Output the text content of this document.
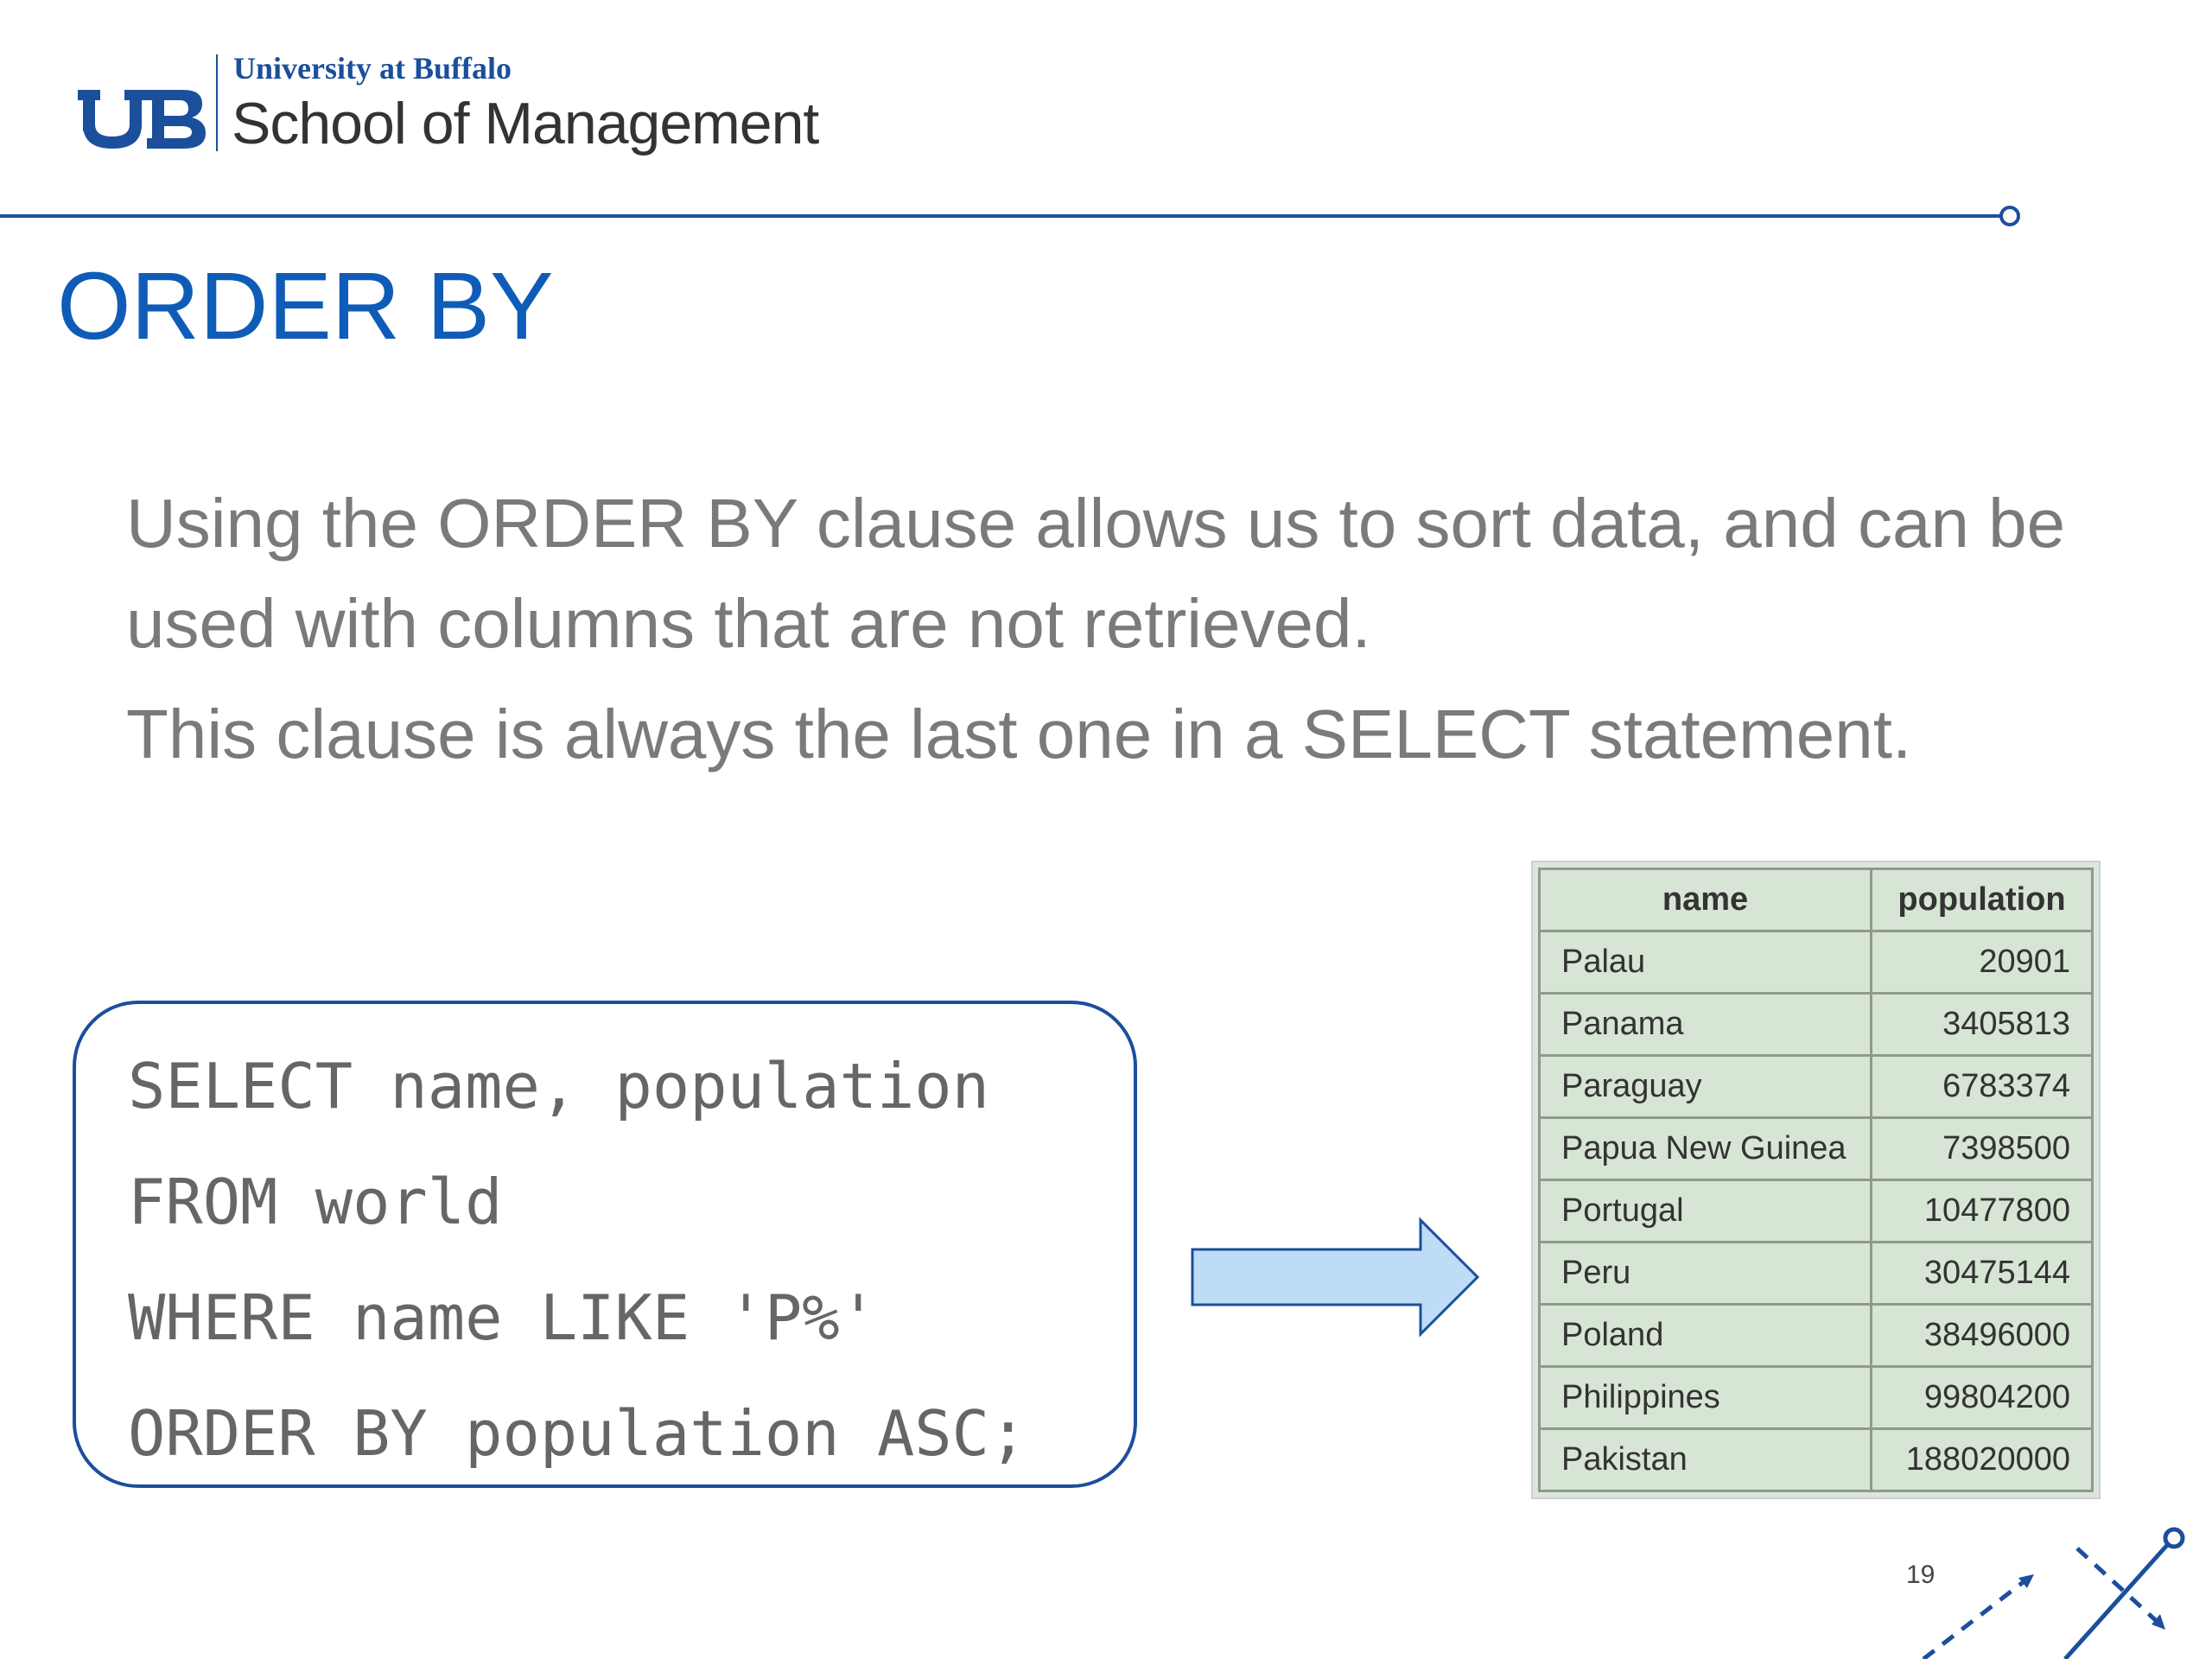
University at Buffalo
School of Management
ORDER BY

Using the ORDER BY clause allows us to sort data, and can be used with columns that are not retrieved.

This clause is always the last one in a SELECT statement.

SELECT name, population
FROM world
WHERE name LIKE 'P%'
ORDER BY population ASC;
name	population
Palau	20901
Panama	3405813
Paraguay	6783374
Papua New Guinea	7398500
Portugal	10477800
Peru	30475144
Poland	38496000
Philippines	99804200
Pakistan	188020000
19
